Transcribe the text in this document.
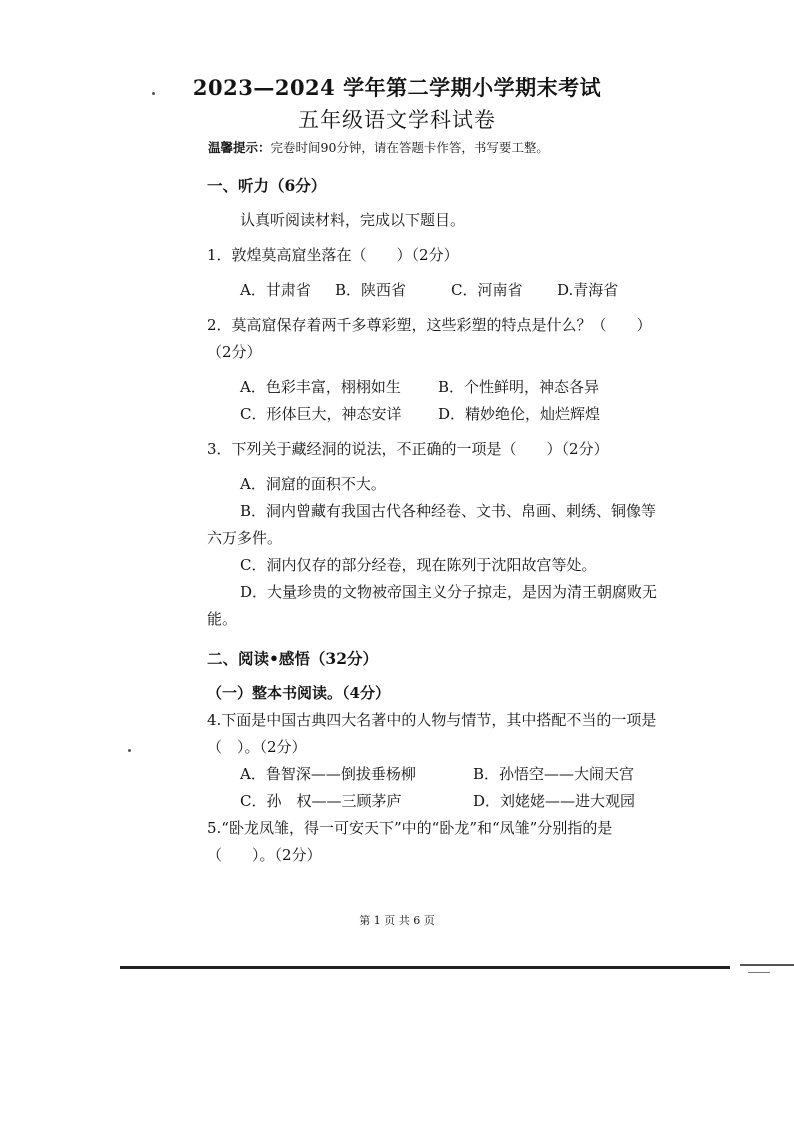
2023—2024 学年第二学期小学期末考试
五年级语文学科试卷
温馨提示：完卷时间90分钟，请在答题卡作答，书写要工整。
一、听力（6分）

认真听阅读材料，完成以下题目。

1．敦煌莫高窟坐落在（　　）（2分）

A．甘肃省	B．陕西省	C．河南省	D.青海省

2．莫高窟保存着两千多尊彩塑，这些彩塑的特点是什么？（　　）

（2分）

A．色彩丰富，栩栩如生	B．个性鲜明，神态各异
C．形体巨大，神态安详	D．精妙绝伦，灿烂辉煌

3．下列关于藏经洞的说法，不正确的一项是（　　）（2分）

A．洞窟的面积不大。

B．洞内曾藏有我国古代各种经卷、文书、帛画、刺绣、铜像等

六万多件。

C．洞内仅存的部分经卷，现在陈列于沈阳故宫等处。

D．大量珍贵的文物被帝国主义分子掠走，是因为清王朝腐败无

能。

二、阅读•感悟（32分）
（一）整本书阅读。（4分）

4.下面是中国古典四大名著中的人物与情节，其中搭配不当的一项是

（　）。（2分）

A．鲁智深——倒拔垂杨柳	B．孙悟空——大闹天宫
C．孙　权——三顾茅庐	D．刘姥姥——进大观园

5.“卧龙凤雏，得一可安天下”中的“卧龙”和“凤雏”分别指的是

（　　）。（2分）

第 1 页 共 6 页
